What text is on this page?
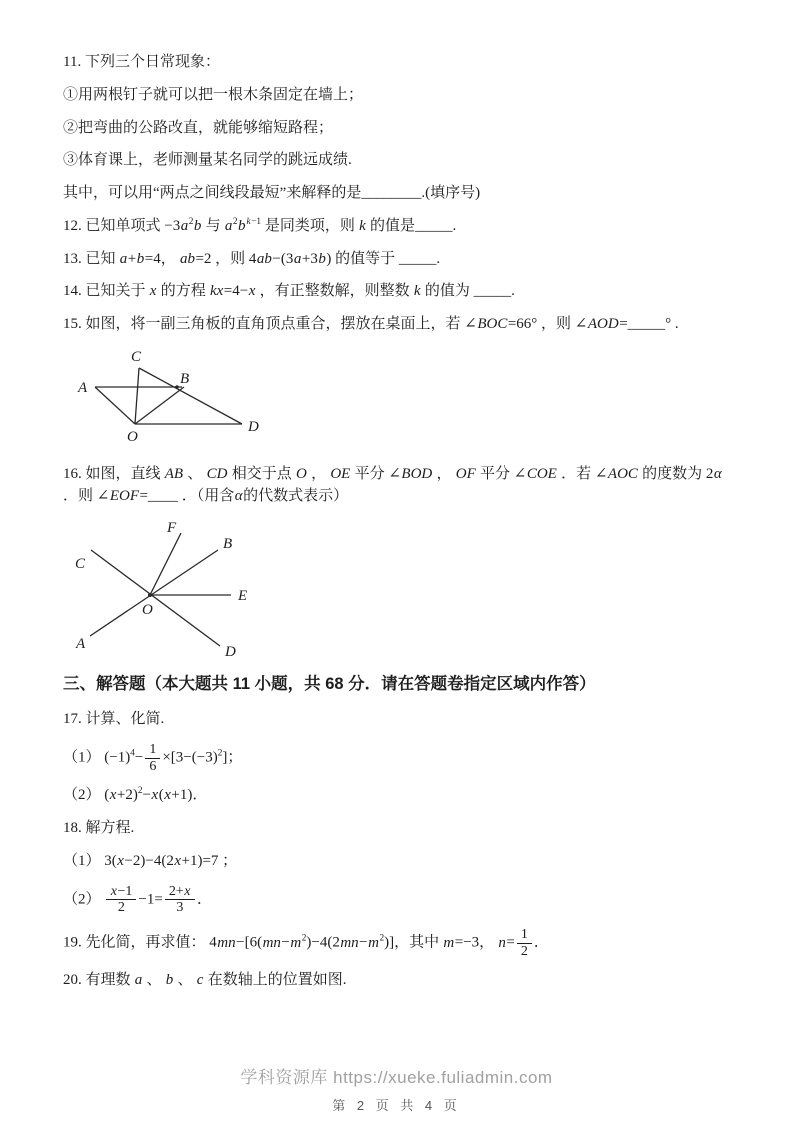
11. 下列三个日常现象：

①用两根钉子就可以把一根木条固定在墙上；

②把弯曲的公路改直，就能够缩短路程；

③体育课上，老师测量某名同学的跳远成绩.

其中，可以用“两点之间线段最短”来解释的是________.(填序号)

12. 已知单项式 $-3a^2b$ 与 $a^2b^{k-1}$ 是同类项，则 k 的值是_____.

13. 已知 a+b=4， ab=2 ，则 4ab−(3a+3b) 的值等于 _____.

14. 已知关于 x 的方程 kx=4−x ，有正整数解，则整数 k 的值为 _____.

15. 如图，将一副三角板的直角顶点重合，摆放在桌面上，若 ∠BOC=66° ，则 ∠AOD=_____° .

C
A
B
O
D

16. 如图，直线 AB 、 CD 相交于点 O ， OE 平分 ∠BOD ， OF 平分 ∠COE ．若 ∠AOC 的度数为 2α ．则 ∠EOF=____ ．（用含α的代数式表示）

F
B
C
E
O
A	D

三、解答题（本大题共 11 小题，共 68 分．请在答题卷指定区域内作答）

17. 计算、化简.

（1） $(-1)^4- \frac{1}{6} \times[3-(-3)^2]$；

（2） $(x+2)^2-x(x+1)$．

18. 解方程.

（1） 3(x−2)−4(2x+1)=7 ；

$(2) \frac{x-1}{2} -1= \frac{2+x}{3}$ ．

19. 先化简，再求值： $4mn-[6(mn-m^2)-4(2mn-m^2)]$，其中 m=−3， $n= \frac{1}{2}$ ．

20. 有理数 a 、 b 、 c 在数轴上的位置如图.

学科资源库 https://xueke.fuliadmin.com
第 2 页 共 4 页
